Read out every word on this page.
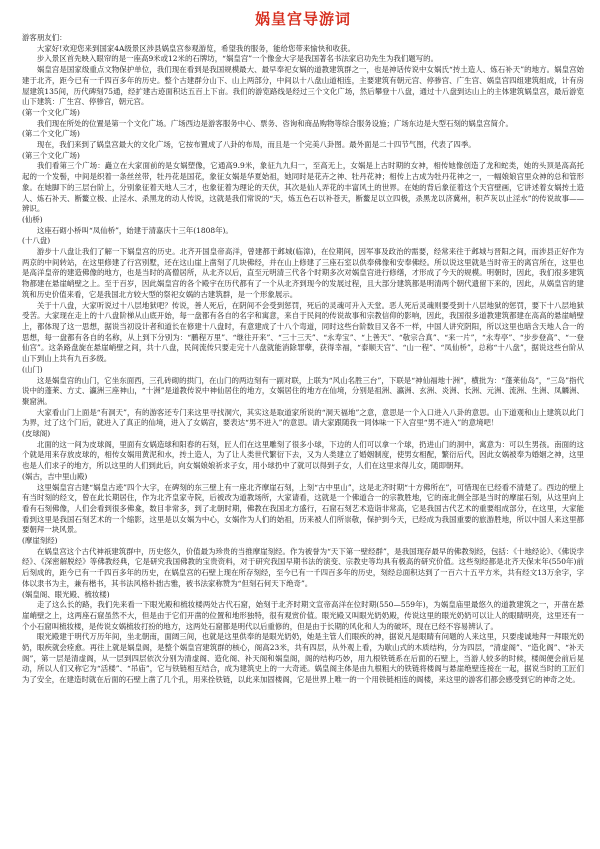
娲皇宫导游词

游客朋友们：

大家好!欢迎您来到国家4A级景区涉县娲皇宫参观游览，希望我的服务，能给您带来愉快和收获。

步入景区首先映入眼帘的是一座高9米或12米的石牌坊，“娲皇宫”一个像金大字是我国著名书法家启功先生为我们题写的。

娲皇宫是国家级重点文物保护单位，我们现在看到是我国规模最大、最早奉祀女娲的道教建筑群之一，也是神话传说中女娲氏“抟土造人、炼石补天”的地方。娲皇宫始建于北齐，距今已有一千四百多年的历史。整个古建群分山下、山上两部分，中间以十八盘山道相连，主要建筑有朝元宫、停骖宫、广生宫、娲皇宫四组建筑组成，计有房屋建筑135间，历代碑刻75通，经扩建古迹面积达五百上下亩。我们的游览路线是经过三个文化广场，然后攀登十八盘，通过十八盘到达山上的主体建筑娲皇宫，最后游览山下建筑：广生宫、停骖宫，朝元宫。

(第一个文化广场)

我们现在所处的位置是第一个文化广场。广场西边是游客服务中心、票务、咨询和商品购物等综合服务设施；广场东边是大型石刻的娲皇宫简介。

(第二个文化广场)

现在，我们来到了娲皇宫最大的文化广场，它按布置成了八卦的布局，而且是一个完美八卦图。最外面是二十四节气图，代表了四季。

(第三个文化广场)

我们看第三个广场：矗立在大家面前的是女娲塑像，它通高9.9米，象征九九归一，至高无上，女娲是上古时期的女神，相传她像创造了龙和蛇类，她的头顶是高高托起的一个发髻，中间是织着一条丝丝带，牡丹花是国花，象征女娲是华夏始祖，她同时是花卉之神、牡丹花神；相传上古成为牡丹花神之一，一幅娘娘宫里众神的总和管形象。在她脚下的三层台阶上，分别象征着天地人三才，也象征着为理论的天伏，其次是仙人弄花的丰富风土的世界。在她的背后象征着这个天宫壁画，它讲述着女娲抟土造人、炼石补天、断鳌立极、止淫水、杀黑龙的动人传说，这就是我们常说的“天，炼五色石以补苍天，断鳌足以立四极，杀黑龙以济冀州，积芦灰以止淫水”的传说故事——辨识。

(仙桥)

这座石砌小桥叫“凤仙桥”，始建于清嘉庆十三年(1808年)。

(十八盘)

游步十八盘让我们了解一下娲皇宫的历史。北齐开国皇帝高洋，曾建都于邺城(临漳)，在位期间，因军事及政治的需要，经常来往于邺城与晋阳之间，而涉县正好作为两京的中间转站，在这里修建了行宫别墅，还在这山崖上凿刻了几块佛经，并在山上修建了三座石室以供奉佛像和安奉佛经。所以说这里就是当时帝王的离宫所在，这里也是高洋皇帝的建造佛像的地方，也是当时的高僧居所，从北齐以后，直至元明清三代各个时期多次对娲皇宫进行修缮，才形成了今天的规模。明朝时，因此，我们很多建筑物都建在悬崖峭壁之上。至于百岁，因此娲皇宫的各个殿宇在历代都有了一个从北齐到现今的发展过程，且大部分建筑都是明清两个朝代遗留下来的，因此，从娲皇宫的建筑和历史价值来看，它是我国北方较大型的祭祀女娲的古建筑群，是一个形象展示。

关于十八盘，大家听说过十八层地狱吧？传说，善人死后，在阴间不会受到惩罚，死后的灵魂可升入天堂。恶人死后灵魂则要受到十八层地狱的惩罚，要下十八层地狱受苦。大家现在走上的十八盘阶梯从山底开始，每一盘都有各自的名字和寓意，来自于民间的传说故事和宗教信仰的影响，因此，我国很多道教建筑都建在高高的悬崖峭壁上，都体现了这一思想，据说当初设计者和道长在修建十八盘时，有意建成了十八个弯道，同时这些台阶数目又各不一样，中国人讲究阴阳，所以这里也暗含天地人合一的思想，每一盘都有各自的名称，从上到下分别为：“鹏程万里”、“继往开来”、“三十三天”、“永寿宝”、“上善天”、“敬宗合真”、“来一片”，“永寿亭”、“步步登高”、“一登仙宫”。这条路盘旋在悬崖峭壁之间，共十八盘，民间流传只要走完十八盘就能消除罪孽，获得幸福，“泰顺天宫”、“山一程”、“凤仙桥”，总称“十八盘”，据说这些台阶从山下到山上共有九百多级。

(山门)

这是娲皇宫的山门，它坐东面西，三孔砖砌的拱门，在山门的两边刻有一副对联，上联为“风山名胜三台”，下联是“神仙福地十洲”，横批为：“蓬莱仙岛”，“三岛”指代说中的蓬莱、方丈、瀛洲三座神山，“十洲”是道教传说中神仙居住的地方，女娲居住的地方在仙境，分别是祖洲、瀛洲、玄洲、炎洲、长洲、元洲、流洲、生洲、凤麟洲、聚窟洲。

大家看山门上面是“有洞天”，有的游客还专门来这里寻找洞穴，其实这是取道家所说的“洞天福地”之意，意思是一个入口进入八卦的意思。山下道观和山上建筑以此门为界，过了这个门后，就进入了真正的仙境，进入了女娲宫，要表达“男不进入”的意思。请大家跟随我一同体味一下入宫里“男不进入”的意境吧！

(皮球阁)

北面的这一间为皮球阁，里面有女娲造球和阳春的石刻，匠人们在这里雕刻了很多小球，下边的人们可以拿一个球，扔进山门的洞中，寓意为：可以生男孩。南面的这个就是用来存放皮球的，相传女娲用黄泥和水，抟土造人，为了让人类世代繁衍下去，又为人类建立了婚姻制度，使男女相配，繁衍后代，因此女娲被奉为婚姻之神，这里也是人们求子的地方，所以这里的人们到此后，向女娲娘娘祈求子女，用小球扔中了就可以得到子女，人们在这里求得儿女，随即朝拜。

(娲古，吉中里山殿)

这里娲皇宫古建“娲皇古迹”四个大字，在碑刻的东三壁上有一座北齐摩崖石刻，上刻“古中里山”，这是北齐时期“十方佛所在”，可惜现在已经看不清楚了。西边的壁上有当时刻的经文，曾在此长期居住，作为北齐皇家寺院，后被改为道教场所，大家请看，这就是一个佛道合一的宗教胜地，它的南北侧全部是当时的摩崖石刻，从这里向上看有石刻佛像，人们会看到很多佛龛，数目非常多，到了北朝时期，佛教在我国北方盛行，石窟石刻艺术造诣非常高，它是我国古代艺术的重要组成部分，在这里，大家能看到这里是我国石刻艺术的一个缩影，这里是以女娲为中心，女娲作为人们的始祖，历来被人们所崇敬，保护到今天，已经成为我国重要的旅游胜地，所以中国人来这里都要朝拜一块风景。

(摩崖刻经)

在娲皇宫这个古代神祇建筑群中，历史悠久，价值最为珍贵的当推摩崖刻经。作为被誉为“天下第一壁经群”，是我国现存最早的佛教刻经，包括：《十地经论》、《佛说孛经》、《深密解脱经》等佛教经典，它是研究我国佛教的宝贵资料，对于研究我国早期书法的演变、宗教史等均具有极高的研究价值。这些刻经都是北齐天保末年(550年)前后刻成的，距今已有一千四百多年的历史，在娲皇宫的石壁上现在所存刻经，至今已有一千四百多年的历史，刻经总面积达到了一百六十五平方米，共有经文13万余字，字体以隶书为主，兼有楷书，其书法风格朴拙古雅，被书法家称赞为“但刻石何天下绝奇”。

(娲皇阁、眼光殿、梳妆楼)

走了这么长的路，我们先来看一下眼光殿和梳妆楼两处古代石窟，始刻于北齐时期文宣帝高洋在位时期(550—559年)，为娲皇庙里最悠久的道教建筑之一，开凿在悬崖峭壁之上，这两座石窟虽然不大，但是由于它们开凿的位置和地形独特，很有观赏价值。眼光殿又叫眼光奶奶殿，传说这里的眼光奶奶可以让人的眼睛明亮，这里还有一个小石窟叫梳妆楼，是传说女娲梳妆打扮的地方，这两处石窟都是明代以后重修的，但是由于长期的风化和人为的破坏，现在已经不容易辨认了。

眼光殿建于明代万历年间，坐北朝南，面阔三间，也就是这里供奉的是眼光奶奶，她是主管人们眼疾的神，据说凡是眼睛有问题的人来这里，只要虔诚地拜一拜眼光奶奶，眼疾就会痊愈。再往上就是娲皇阁，是整个娲皇宫建筑群的核心，阁高23米，共有四层，从外观上看，为歇山式的木质结构，分为四层，“清虚阁”、“造化阁”、“补天阁”，第一层是清虚阁，从一层到四层依次分别为清虚阁、造化阁、补天阁和娲皇阁，阁的结构巧妙，用九根铁链系在后面的石壁上，当游人较多的时候，楼阁便会前后晃动，所以人们又称它为“活楼”、“吊庙”，它与铁链相互结合，成为建筑史上的一大奇迹。娲皇阁主体是由九根粗大的铁链将楼阁与悬崖绝壁连接在一起，据说当时的工匠们为了安全，在建造时就在后面的石壁上凿了几个孔，用来拴铁链，以此来加固楼阁，它是世界上唯一的一个用铁链相连的阁楼，来这里的游客们都会感受到它的神奇之处。
